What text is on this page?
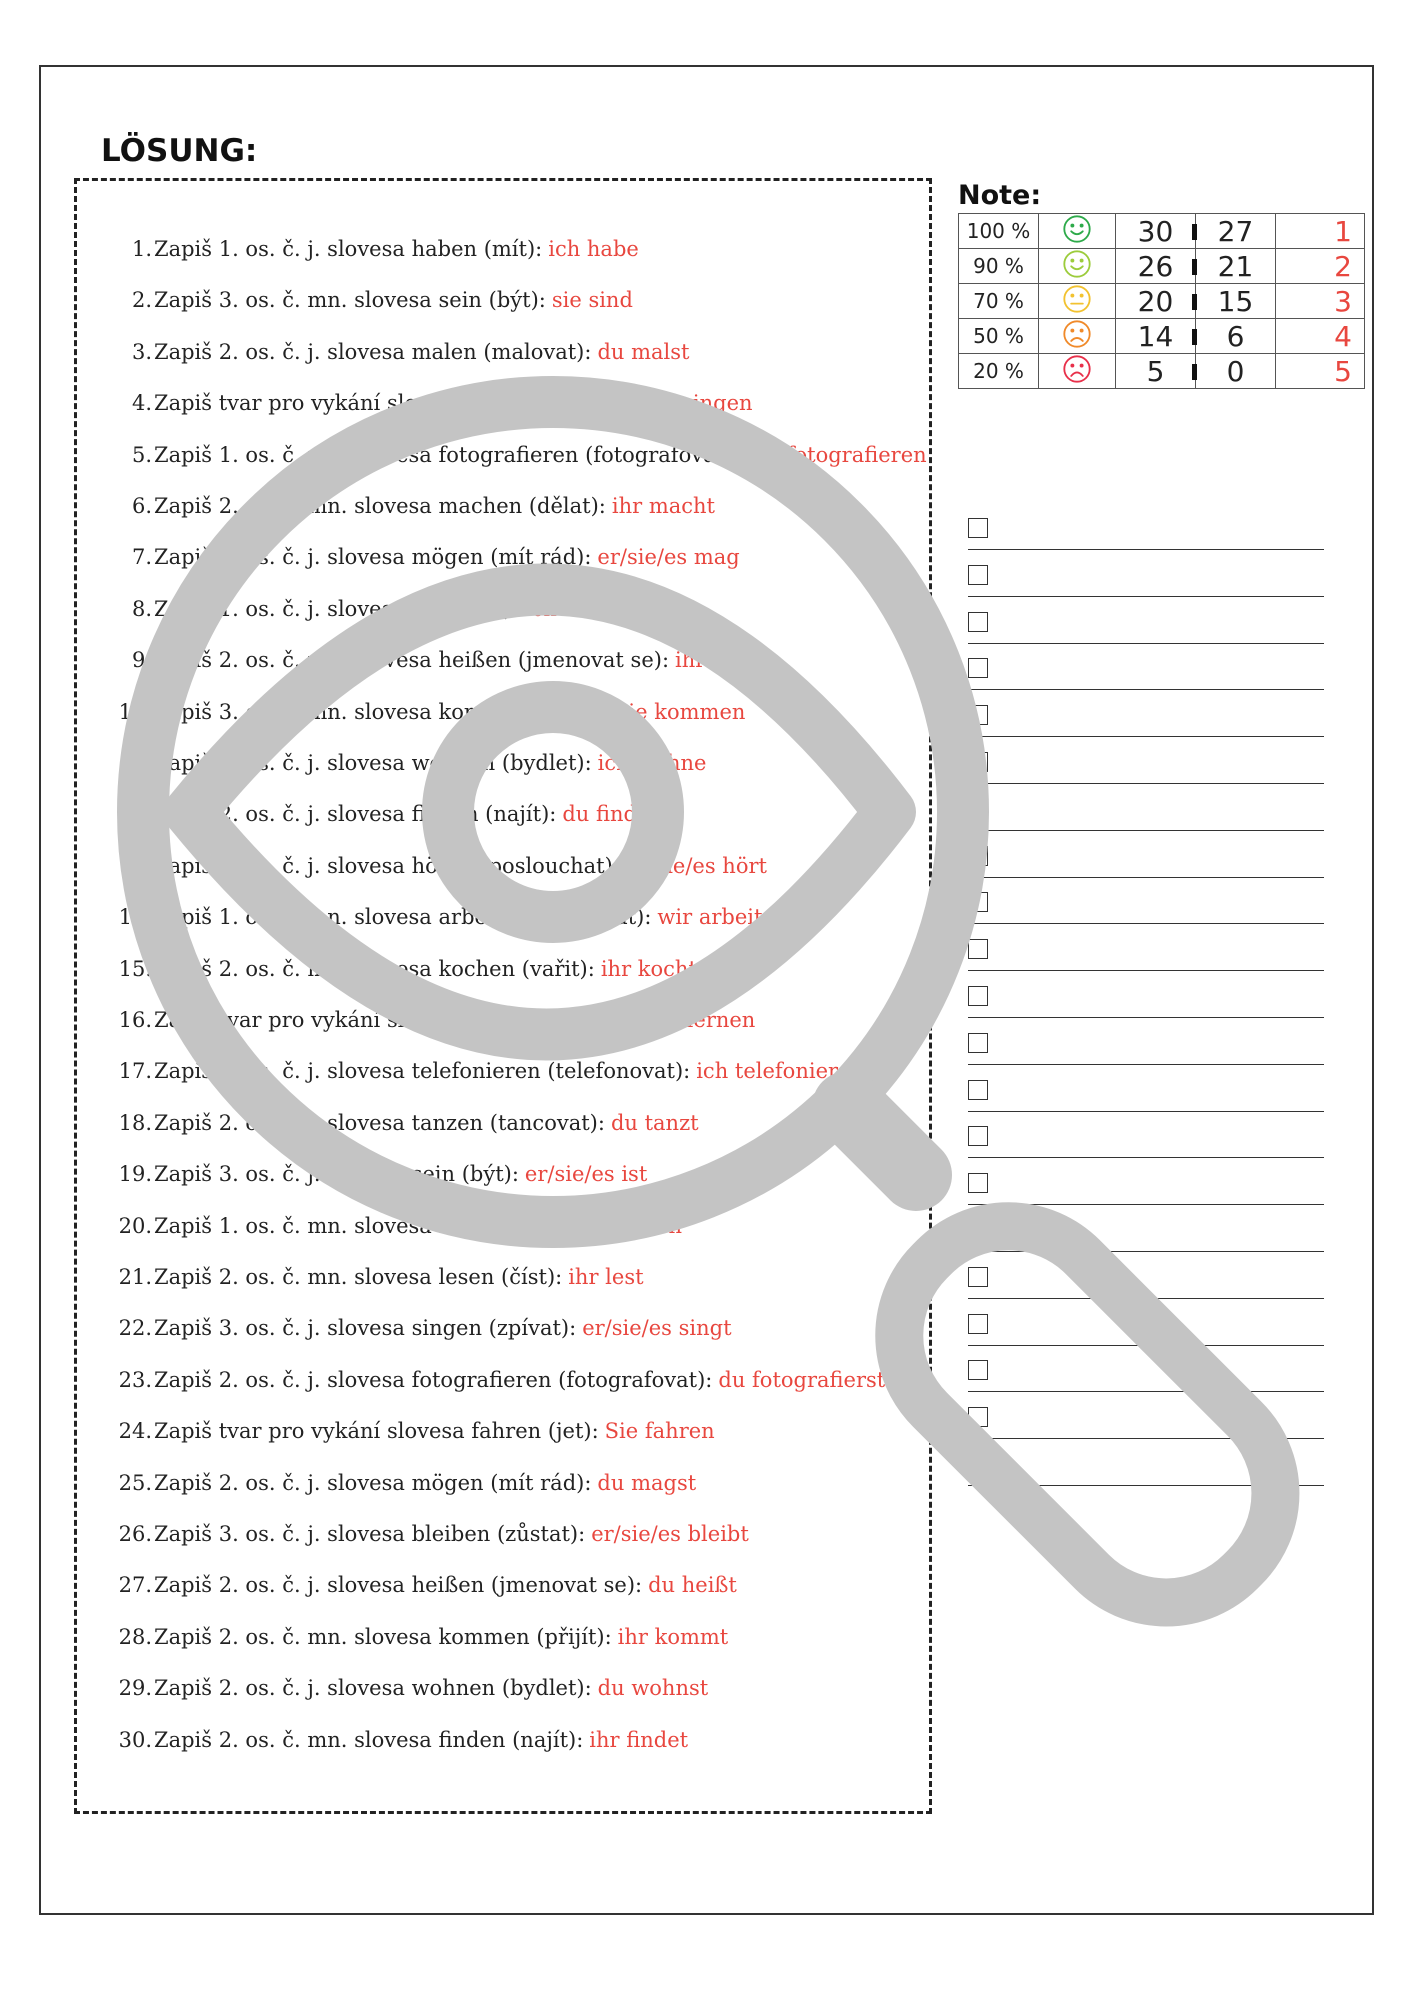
LÖSUNG:
1.Zapiš 1. os. č. j. slovesa haben (mít): ich habe
2.Zapiš 3. os. č. mn. slovesa sein (být): sie sind
3.Zapiš 2. os. č. j. slovesa malen (malovat): du malst
4.Zapiš tvar pro vykání slovesa singen (zpívat): Sie singen
5.Zapiš 1. os. č. mn. slovesa fotografieren (fotografovat): wir fotografieren
6.Zapiš 2. os. č. mn. slovesa machen (dělat): ihr macht
7.Zapiš 3. os. č. j. slovesa mögen (mít rád): er/sie/es mag
8.Zapiš 1. os. č. j. slovesa sein (být): ich bin
9.Zapiš 2. os. č. mn. slovesa heißen (jmenovat se): ihr heißt
10.Zapiš 3. os. č. mn. slovesa kommen (přijít): sie kommen
11.Zapiš 1. os. č. j. slovesa wohnen (bydlet): ich wohne
12.Zapiš 2. os. č. j. slovesa finden (najít): du findest
13.Zapiš 3. os. č. j. slovesa hören (poslouchat): er/sie/es hört
14.Zapiš 1. os. č. mn. slovesa arbeiten (pracovat): wir arbeiten
15.Zapiš 2. os. č. mn. slovesa kochen (vařit): ihr kocht
16.Zapiš tvar pro vykání slovesa lernen (učit se): Sie lernen
17.Zapiš 1. os. č. j. slovesa telefonieren (telefonovat): ich telefoniere
18.Zapiš 2. os. č. j. slovesa tanzen (tancovat): du tanzt
19.Zapiš 3. os. č. j. slovesa sein (být): er/sie/es ist
20.Zapiš 1. os. č. mn. slovesa haben (mít): wir haben
21.Zapiš 2. os. č. mn. slovesa lesen (číst): ihr lest
22.Zapiš 3. os. č. j. slovesa singen (zpívat): er/sie/es singt
23.Zapiš 2. os. č. j. slovesa fotografieren (fotografovat): du fotografierst
24.Zapiš tvar pro vykání slovesa fahren (jet): Sie fahren
25.Zapiš 2. os. č. j. slovesa mögen (mít rád): du magst
26.Zapiš 3. os. č. j. slovesa bleiben (zůstat): er/sie/es bleibt
27.Zapiš 2. os. č. j. slovesa heißen (jmenovat se): du heißt
28.Zapiš 2. os. č. mn. slovesa kommen (přijít): ihr kommt
29.Zapiš 2. os. č. j. slovesa wohnen (bydlet): du wohnst
30.Zapiš 2. os. č. mn. slovesa finden (najít): ihr findet
Note:
100 %		30	27	1
90 %		26	21	2
70 %		20	15	3
50 %		14	6	4
20 %		5	0	5
